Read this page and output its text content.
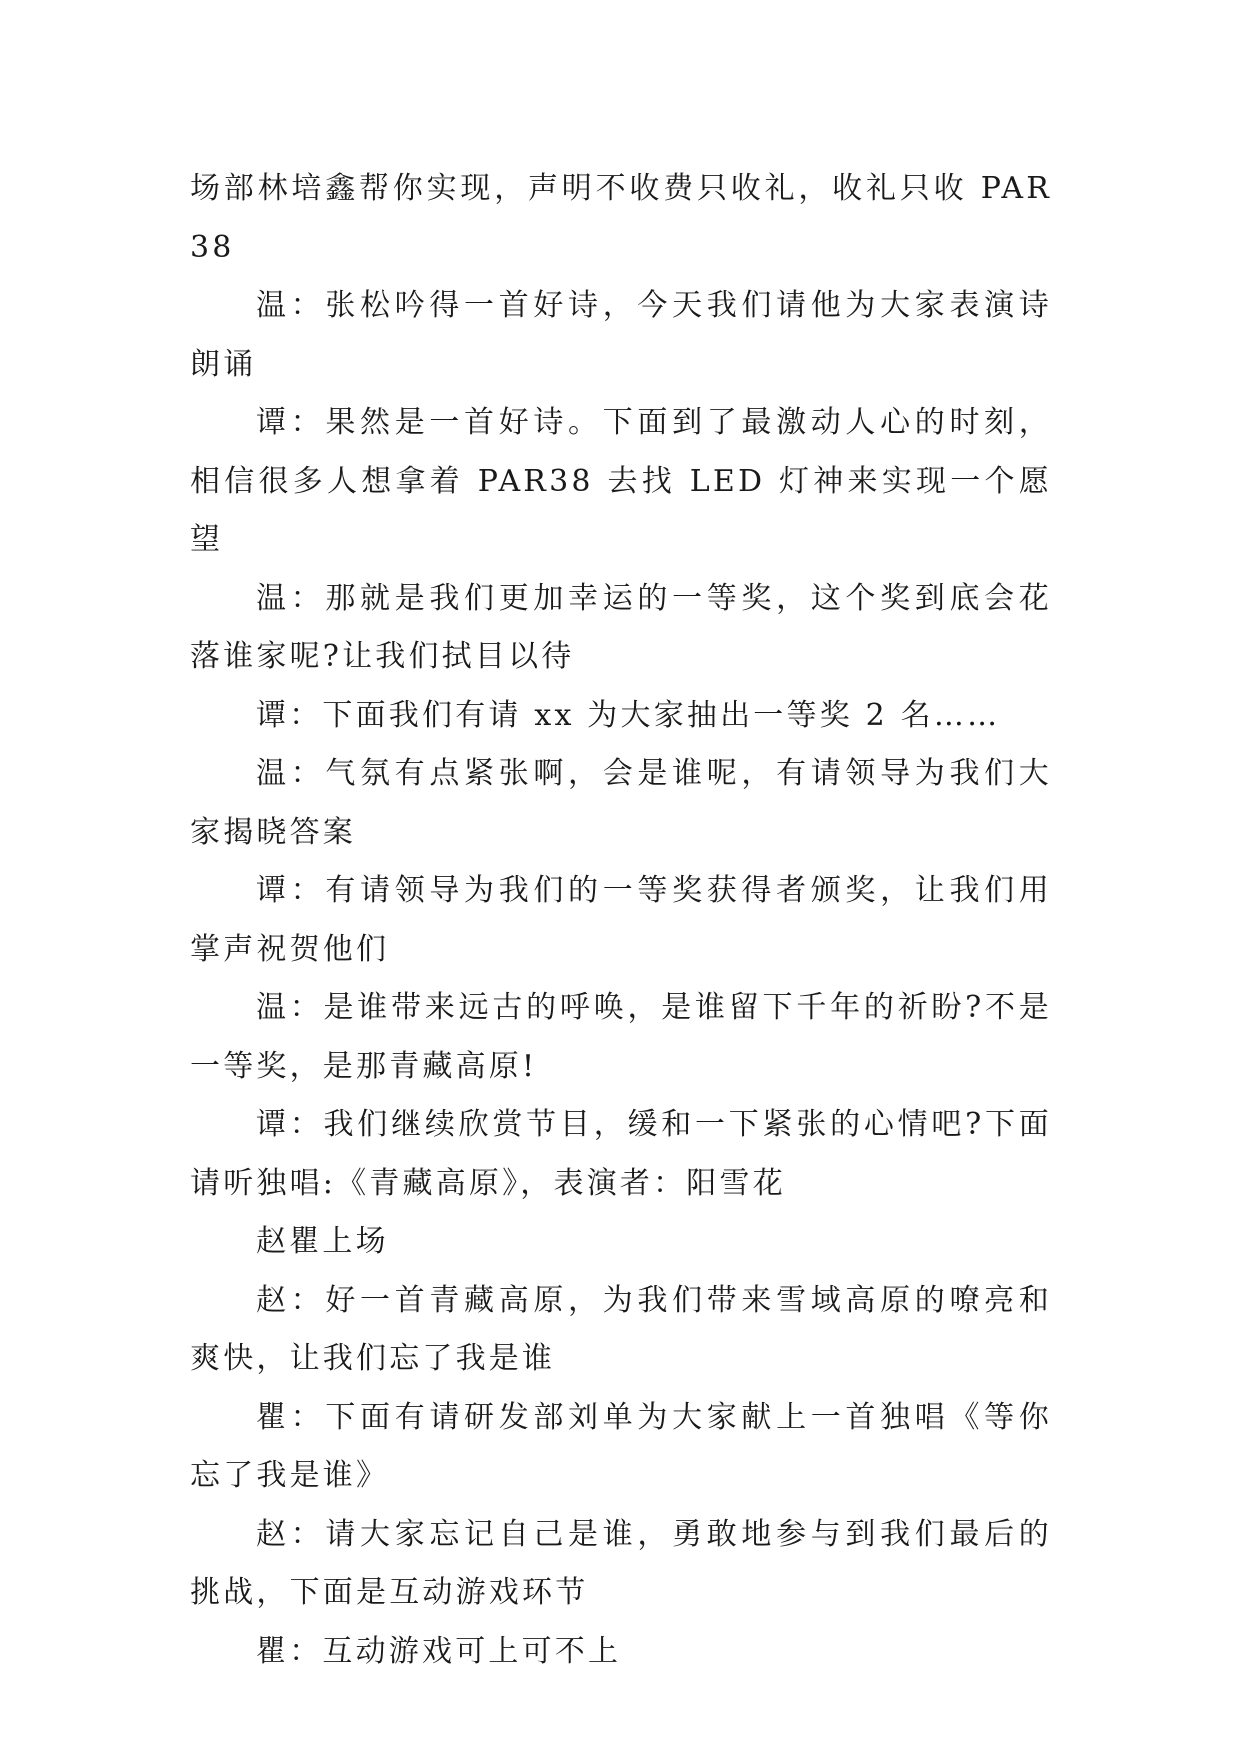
场部林培鑫帮你实现，声明不收费只收礼，收礼只收 PAR38

温：张松吟得一首好诗，今天我们请他为大家表演诗朗诵

谭：果然是一首好诗。下面到了最激动人心的时刻，相信很多人想拿着 PAR38 去找 LED 灯神来实现一个愿望

温：那就是我们更加幸运的一等奖，这个奖到底会花落谁家呢?让我们拭目以待

谭：下面我们有请 xx 为大家抽出一等奖 2 名……

温：气氛有点紧张啊，会是谁呢，有请领导为我们大家揭晓答案

谭：有请领导为我们的一等奖获得者颁奖，让我们用掌声祝贺他们

温：是谁带来远古的呼唤，是谁留下千年的祈盼?不是一等奖，是那青藏高原!

谭：我们继续欣赏节目，缓和一下紧张的心情吧?下面请听独唱:《青藏高原》，表演者：阳雪花

赵瞿上场

赵：好一首青藏高原，为我们带来雪域高原的嘹亮和爽快，让我们忘了我是谁

瞿：下面有请研发部刘单为大家献上一首独唱《等你忘了我是谁》

赵：请大家忘记自己是谁，勇敢地参与到我们最后的挑战，下面是互动游戏环节

瞿：互动游戏可上可不上
